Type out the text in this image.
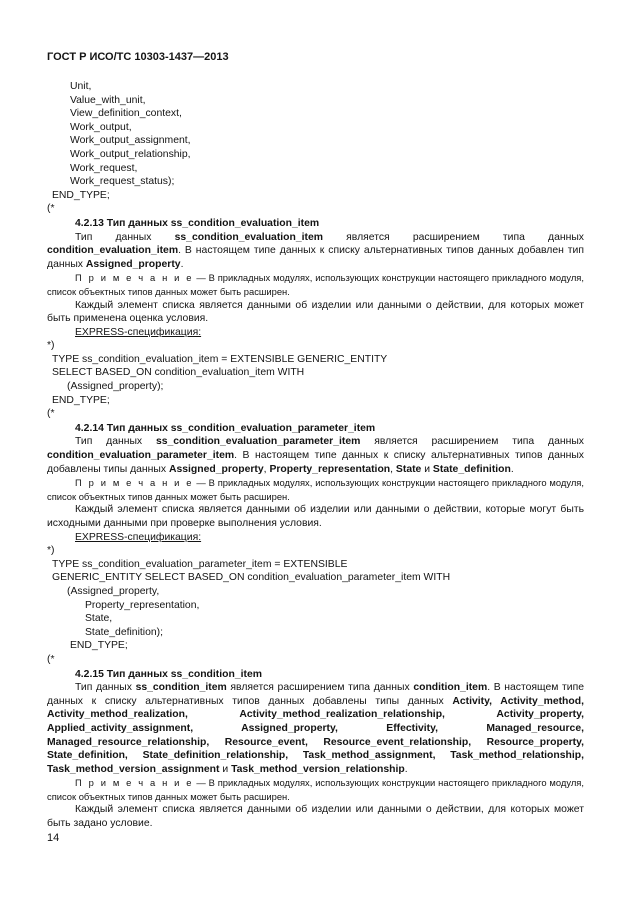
ГОСТ Р ИСО/ТС 10303-1437—2013
Unit,
Value_with_unit,
View_definition_context,
Work_output,
Work_output_assignment,
Work_output_relationship,
Work_request,
Work_request_status);
END_TYPE;
(*
4.2.13 Тип данных ss_condition_evaluation_item
Тип данных ss_condition_evaluation_item является расширением типа данных condition_evaluation_item. В настоящем типе данных к списку альтернативных типов данных добавлен тип данных Assigned_property.
П р и м е ч а н и е — В прикладных модулях, использующих конструкции настоящего прикладного модуля, список объектных типов данных может быть расширен.
Каждый элемент списка является данными об изделии или данными о действии, для которых может быть применена оценка условия.
EXPRESS-спецификация:
*)
TYPE ss_condition_evaluation_item = EXTENSIBLE GENERIC_ENTITY
SELECT BASED_ON condition_evaluation_item WITH
(Assigned_property);
END_TYPE;
(*
4.2.14 Тип данных ss_condition_evaluation_parameter_item
Тип данных ss_condition_evaluation_parameter_item является расширением типа данных condition_evaluation_parameter_item. В настоящем типе данных к списку альтернативных типов данных добавлены типы данных Assigned_property, Property_representation, State и State_definition.
П р и м е ч а н и е — В прикладных модулях, использующих конструкции настоящего прикладного модуля, список объектных типов данных может быть расширен.
Каждый элемент списка является данными об изделии или данными о действии, которые могут быть исходными данными при проверке выполнения условия.
EXPRESS-спецификация:
*)
TYPE ss_condition_evaluation_parameter_item = EXTENSIBLE
GENERIC_ENTITY SELECT BASED_ON condition_evaluation_parameter_item WITH
(Assigned_property,
Property_representation,
State,
State_definition);
END_TYPE;
(*
4.2.15 Тип данных ss_condition_item
Тип данных ss_condition_item является расширением типа данных condition_item. В настоящем типе данных к списку альтернативных типов данных добавлены типы данных Activity, Activity_method, Activity_method_realization, Activity_method_realization_relationship, Activity_property, Applied_activity_assignment, Assigned_property, Effectivity, Managed_resource, Managed_resource_relationship, Resource_event, Resource_event_relationship, Resource_property, State_definition, State_definition_relationship, Task_method_assignment, Task_method_relationship, Task_method_version_assignment и Task_method_version_relationship.
П р и м е ч а н и е — В прикладных модулях, использующих конструкции настоящего прикладного модуля, список объектных типов данных может быть расширен.
Каждый элемент списка является данными об изделии или данными о действии, для которых может быть задано условие.
14
